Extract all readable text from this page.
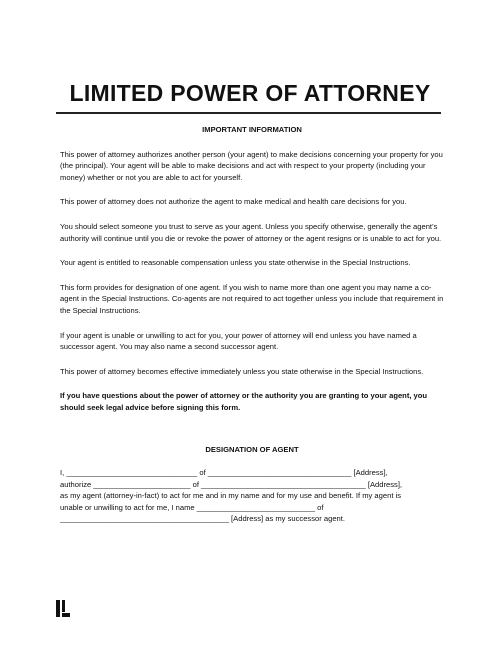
LIMITED POWER OF ATTORNEY

IMPORTANT INFORMATION

This power of attorney authorizes another person (your agent) to make decisions concerning your property for you (the principal). Your agent will be able to make decisions and act with respect to your property (including your money) whether or not you are able to act for yourself.

This power of attorney does not authorize the agent to make medical and health care decisions for you.

You should select someone you trust to serve as your agent. Unless you specify otherwise, generally the agent’s authority will continue until you die or revoke the power of attorney or the agent resigns or is unable to act for you.

Your agent is entitled to reasonable compensation unless you state otherwise in the Special Instructions.

This form provides for designation of one agent. If you wish to name more than one agent you may name a co-agent in the Special Instructions. Co-agents are not required to act together unless you include that requirement in the Special Instructions.

If your agent is unable or unwilling to act for you, your power of attorney will end unless you have named a successor agent. You may also name a second successor agent.

This power of attorney becomes effective immediately unless you state otherwise in the Special Instructions.

If you have questions about the power of attorney or the authority you are granting to your agent, you should seek legal advice before signing this form.

DESIGNATION OF AGENT

I, _______________________________ of __________________________________ [Address],
authorize _______________________ of _______________________________________ [Address],
as my agent (attorney-in-fact) to act for me and in my name and for my use and benefit. If my agent is
unable or unwilling to act for me, I name ____________________________ of
________________________________________ [Address] as my successor agent.
